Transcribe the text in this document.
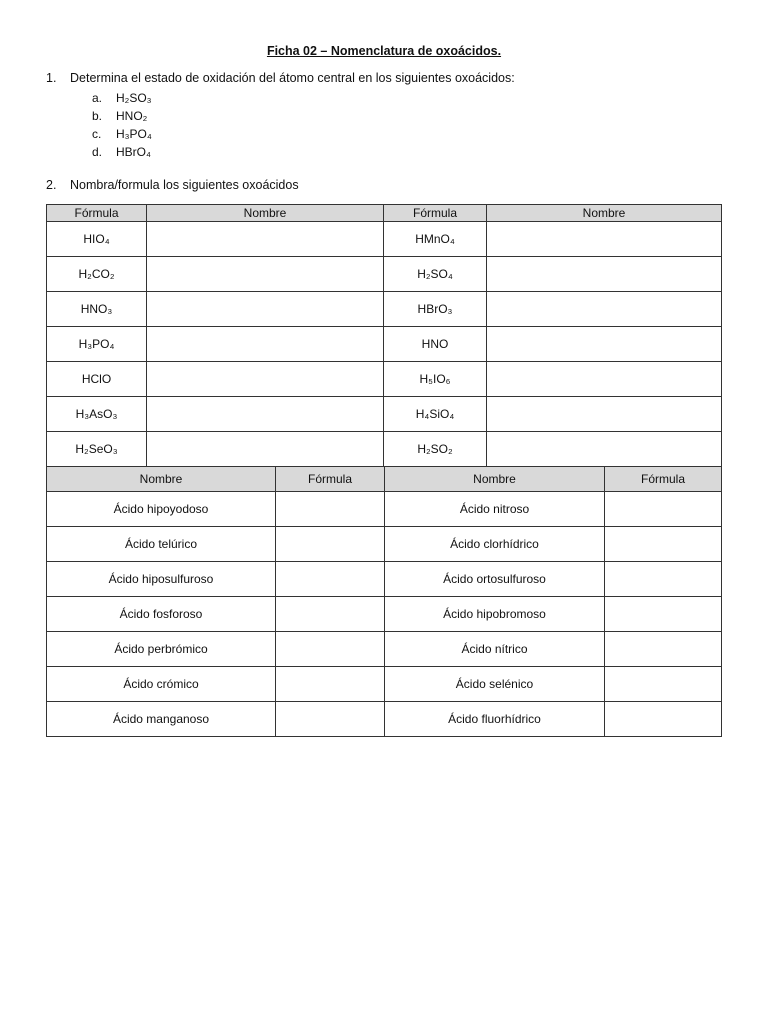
Ficha 02 – Nomenclatura de oxoácidos.
1. Determina el estado de oxidación del átomo central en los siguientes oxoácidos:
a. H₂SO₃
b. HNO₂
c. H₃PO₄
d. HBrO₄
2. Nombra/formula los siguientes oxoácidos
Fórmula	Nombre	Fórmula	Nombre
HIO₄		HMnO₄	
H₂CO₂		H₂SO₄	
HNO₃		HBrO₃	
H₃PO₄		HNO	
HClO		H₅IO₆	
H₃AsO₃		H₄SiO₄	
H₂SeO₃		H₂SO₂	
Nombre	Fórmula	Nombre	Fórmula
Ácido hipoyodoso		Ácido nitroso	
Ácido telúrico		Ácido clorhídrico	
Ácido hiposulfuroso		Ácido ortosulfuroso	
Ácido fosforoso		Ácido hipobromoso	
Ácido perbrómico		Ácido nítrico	
Ácido crómico		Ácido selénico	
Ácido manganoso		Ácido fluorhídrico	
